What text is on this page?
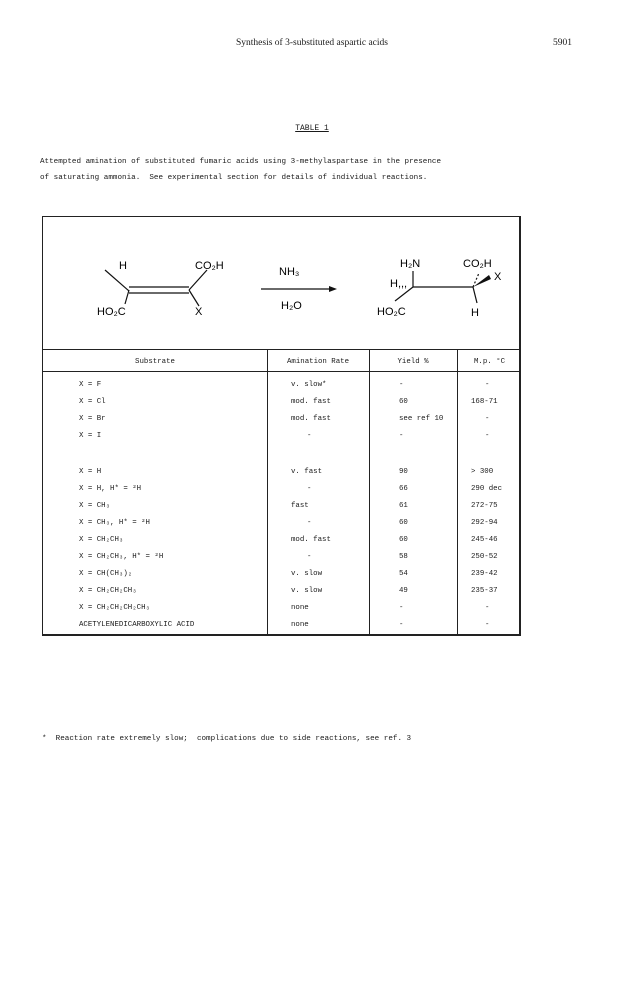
Synthesis of 3-substituted aspartic acids	5901
TABLE 1
Attempted amination of substituted fumaric acids using 3-methylaspartase in the presence
of saturating ammonia.  See experimental section for details of individual reactions.
H	CO₂H
HO₂C	X
NH₃
H₂O
H₂N	CO₂H
H,,,
X
HO₂C	H
Substrate	Amination Rate	Yield %	M.p. °C
X = F	v. slow*	-	-
X = Cl	mod. fast	60	168-71
X = Br	mod. fast	see ref 10	-
X = I	-	-	-
X = H	v. fast	90	> 300
X = H, H* = ²H	-	66	290 dec
X = CH₃	fast	61	272-75
X = CH₃, H* = ²H	-	60	292-94
X = CH₂CH₃	mod. fast	60	245-46
X = CH₂CH₃, H* = ²H	-	58	250-52
X = CH(CH₃)₂	v. slow	54	239-42
X = CH₂CH₂CH₃	v. slow	49	235-37
X = CH₂CH₂CH₂CH₃	none	-	-
ACETYLENEDICARBOXYLIC ACID	none	-	-
*  Reaction rate extremely slow;  complications due to side reactions, see ref. 3
